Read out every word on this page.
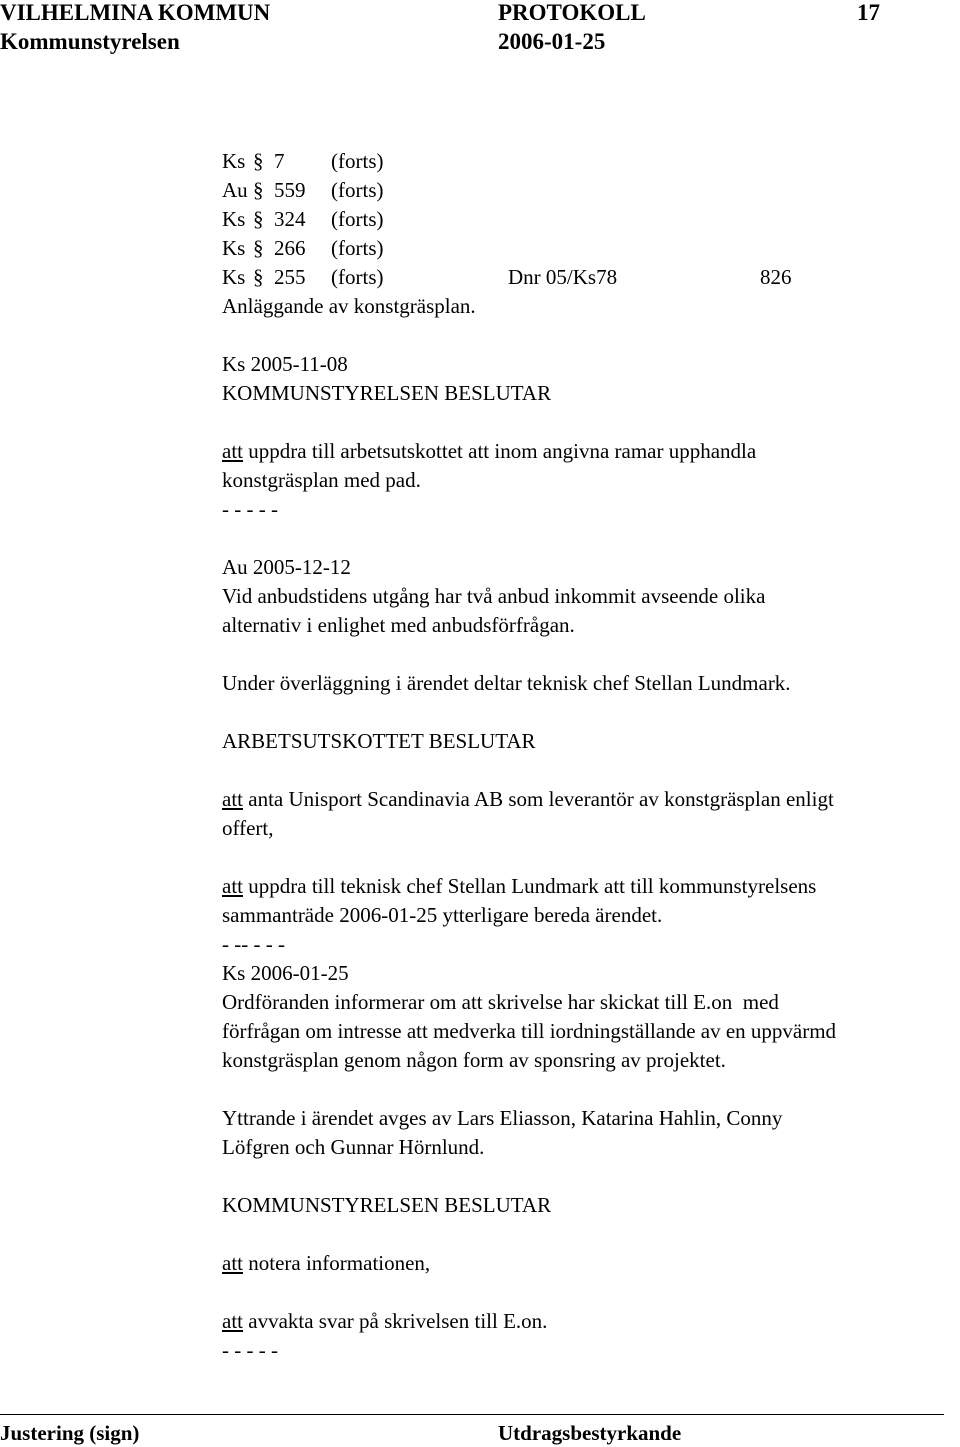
VILHELMINA KOMMUN	PROTOKOLL	17
Kommunstyrelsen	2006-01-25
Ks § 7 (forts)
Au § 559 (forts)
Ks § 324 (forts)
Ks § 266 (forts)
Ks § 255 (forts)	Dnr 05/Ks78	826
Anläggande av konstgräsplan.
Ks 2005-11-08
KOMMUNSTYRELSEN BESLUTAR
att uppdra till arbetsutskottet att inom angivna ramar upphandla
konstgräsplan med pad.
- - - - -
Au 2005-12-12
Vid anbudstidens utgång har två anbud inkommit avseende olika
alternativ i enlighet med anbudsförfrågan.
Under överläggning i ärendet deltar teknisk chef Stellan Lundmark.
ARBETSUTSKOTTET BESLUTAR
att anta Unisport Scandinavia AB som leverantör av konstgräsplan enligt
offert,
att uppdra till teknisk chef Stellan Lundmark att till kommunstyrelsens
sammanträde 2006-01-25 ytterligare bereda ärendet.
- -- - - -
Ks 2006-01-25
Ordföranden informerar om att skrivelse har skickat till E.on  med
förfrågan om intresse att medverka till iordningställande av en uppvärmd
konstgräsplan genom någon form av sponsring av projektet.
Yttrande i ärendet avges av Lars Eliasson, Katarina Hahlin, Conny
Löfgren och Gunnar Hörnlund.
KOMMUNSTYRELSEN BESLUTAR
att notera informationen,
att avvakta svar på skrivelsen till E.on.
- - - - -
Justering (sign)	Utdragsbestyrkande
